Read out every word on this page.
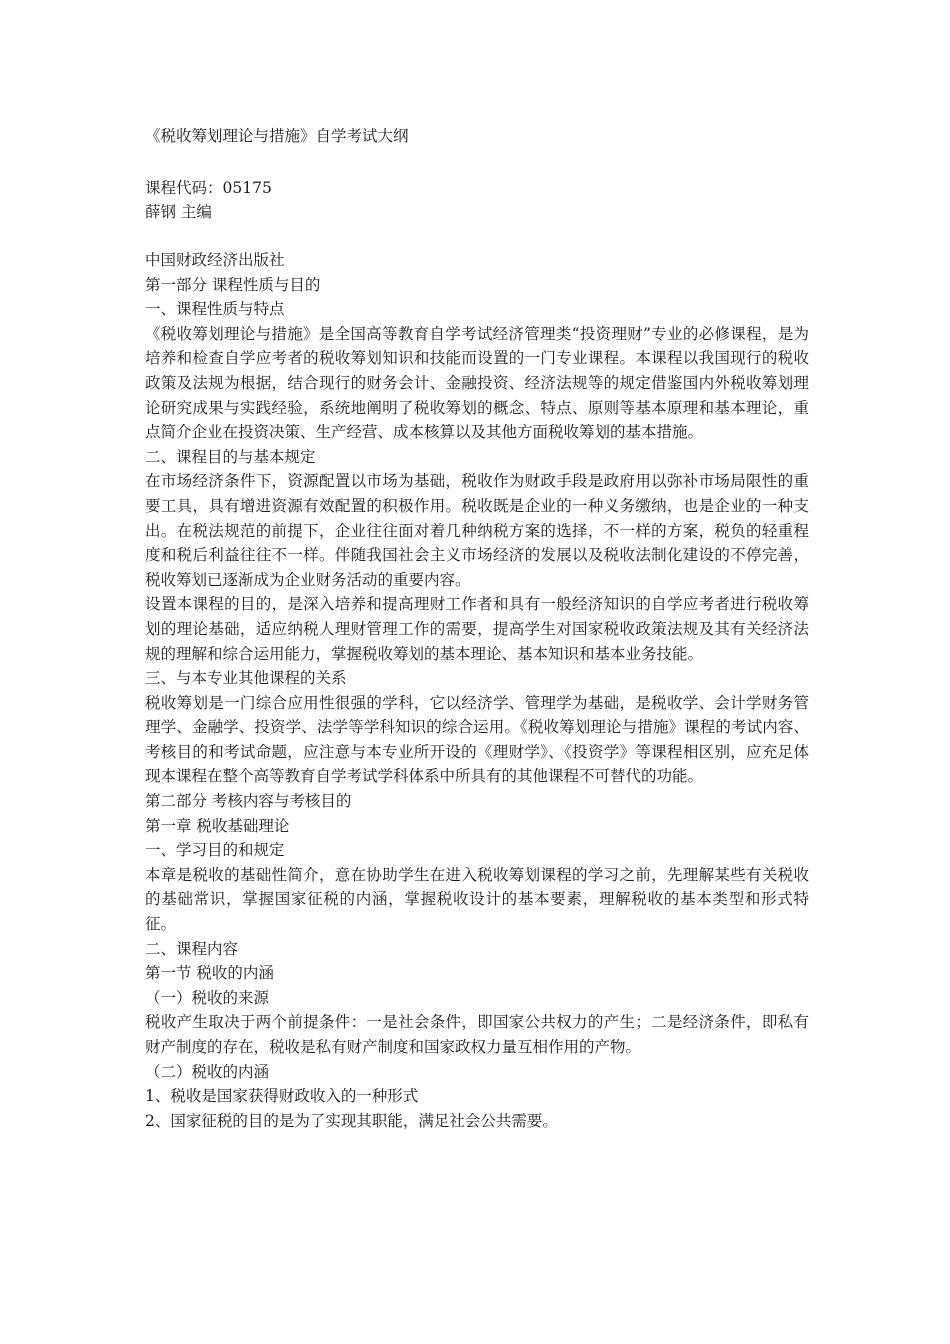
《税收筹划理论与措施》自学考试大纲
课程代码：05175
薛钢 主编
中国财政经济出版社
第一部分 课程性质与目的
一、课程性质与特点

《税收筹划理论与措施》是全国高等教育自学考试经济管理类“投资理财”专业的必修课程，是为培养和检查自学应考者的税收筹划知识和技能而设置的一门专业课程。本课程以我国现行的税收政策及法规为根据，结合现行的财务会计、金融投资、经济法规等的规定借鉴国内外税收筹划理论研究成果与实践经验，系统地阐明了税收筹划的概念、特点、原则等基本原理和基本理论，重点简介企业在投资决策、生产经营、成本核算以及其他方面税收筹划的基本措施。

二、课程目的与基本规定

在市场经济条件下，资源配置以市场为基础，税收作为财政手段是政府用以弥补市场局限性的重要工具，具有增进资源有效配置的积极作用。税收既是企业的一种义务缴纳，也是企业的一种支出。在税法规范的前提下，企业往往面对着几种纳税方案的选择，不一样的方案，税负的轻重程度和税后利益往往不一样。伴随我国社会主义市场经济的发展以及税收法制化建设的不停完善，税收筹划已逐渐成为企业财务活动的重要内容。

设置本课程的目的，是深入培养和提高理财工作者和具有一般经济知识的自学应考者进行税收筹划的理论基础，适应纳税人理财管理工作的需要，提高学生对国家税收政策法规及其有关经济法规的理解和综合运用能力，掌握税收筹划的基本理论、基本知识和基本业务技能。

三、与本专业其他课程的关系

税收筹划是一门综合应用性很强的学科，它以经济学、管理学为基础，是税收学、会计学财务管理学、金融学、投资学、法学等学科知识的综合运用。《税收筹划理论与措施》课程的考试内容、考核目的和考试命题，应注意与本专业所开设的《理财学》、《投资学》等课程相区别，应充足体现本课程在整个高等教育自学考试学科体系中所具有的其他课程不可替代的功能。

第二部分 考核内容与考核目的
第一章 税收基础理论
一、学习目的和规定

本章是税收的基础性简介，意在协助学生在进入税收筹划课程的学习之前，先理解某些有关税收的基础常识，掌握国家征税的内涵，掌握税收设计的基本要素，理解税收的基本类型和形式特征。

二、课程内容
第一节 税收的内涵
（一）税收的来源

税收产生取决于两个前提条件：一是社会条件，即国家公共权力的产生；二是经济条件，即私有财产制度的存在，税收是私有财产制度和国家政权力量互相作用的产物。

（二）税收的内涵
1、税收是国家获得财政收入的一种形式
2、国家征税的目的是为了实现其职能，满足社会公共需要。
